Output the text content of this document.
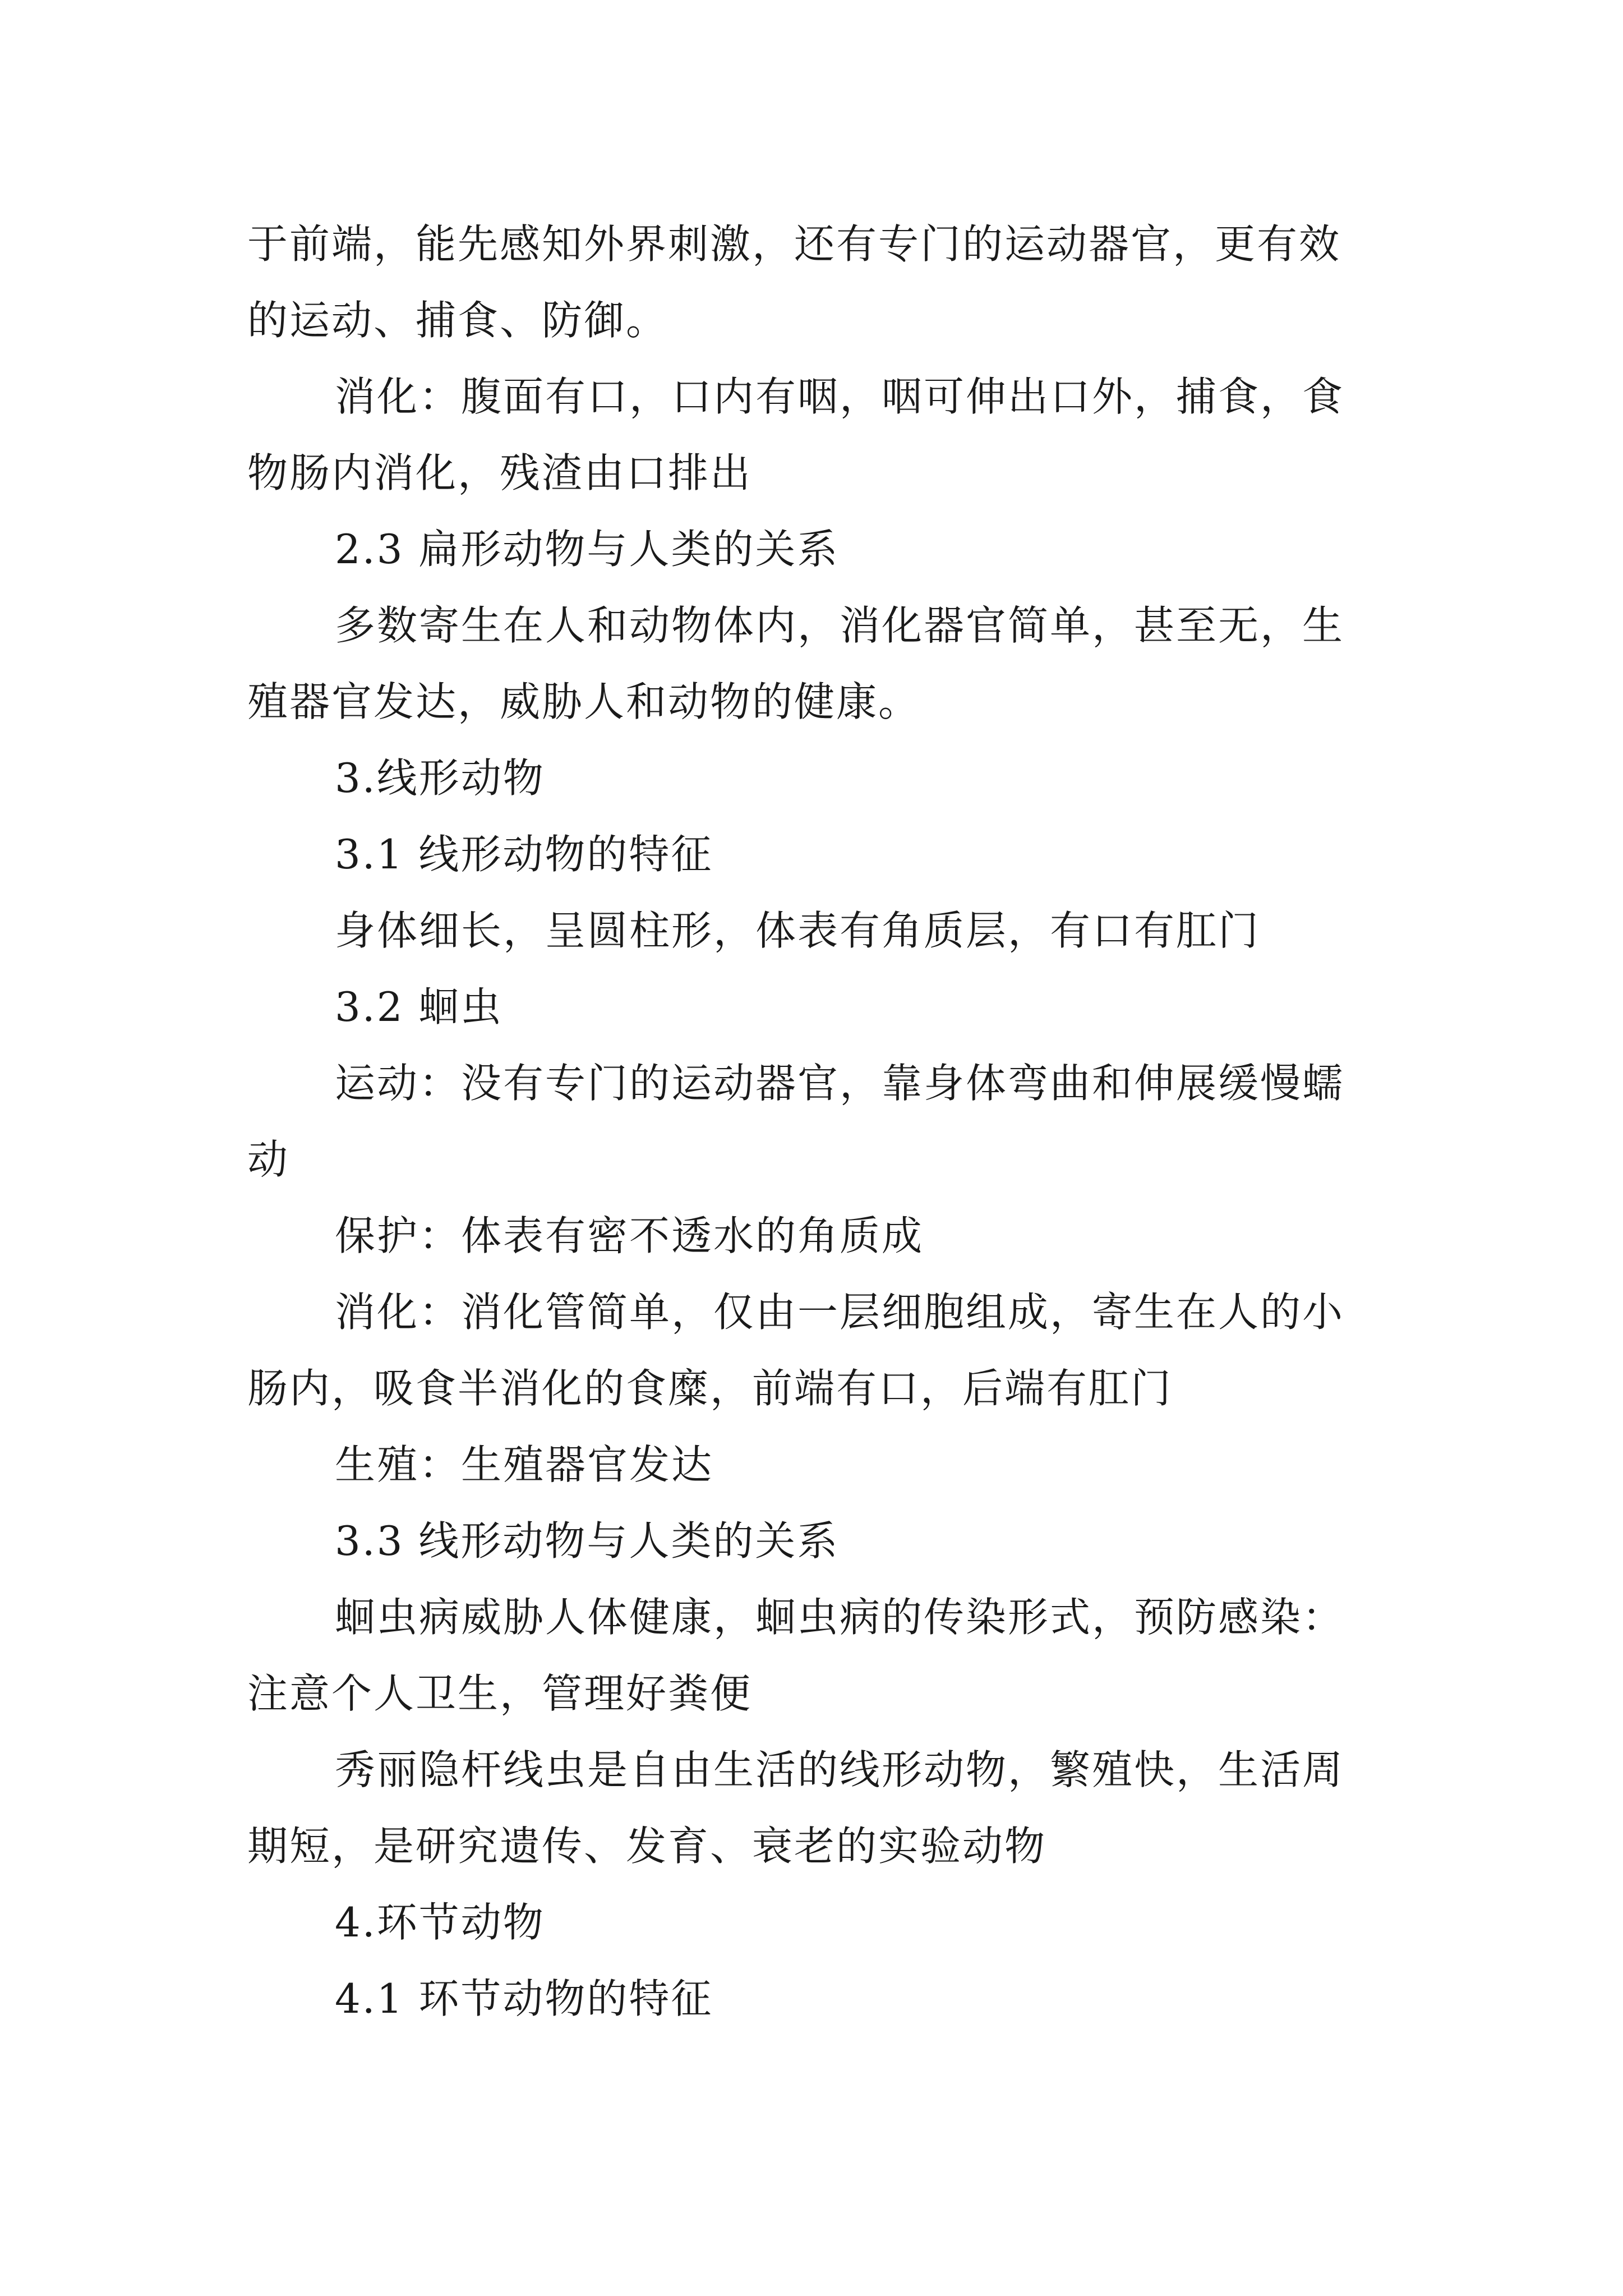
于前端，能先感知外界刺激，还有专门的运动器官，更有效
的运动、捕食、防御。
消化：腹面有口，口内有咽，咽可伸出口外，捕食，食
物肠内消化，残渣由口排出
2.3 扁形动物与人类的关系
多数寄生在人和动物体内，消化器官简单，甚至无，生
殖器官发达，威胁人和动物的健康。
3.线形动物
3.1 线形动物的特征
身体细长，呈圆柱形，体表有角质层，有口有肛门
3.2 蛔虫
运动：没有专门的运动器官，靠身体弯曲和伸展缓慢蠕
动
保护：体表有密不透水的角质成
消化：消化管简单，仅由一层细胞组成，寄生在人的小
肠内，吸食半消化的食糜，前端有口，后端有肛门
生殖：生殖器官发达
3.3 线形动物与人类的关系
蛔虫病威胁人体健康，蛔虫病的传染形式，预防感染：
注意个人卫生，管理好粪便
秀丽隐杆线虫是自由生活的线形动物，繁殖快，生活周
期短，是研究遗传、发育、衰老的实验动物
4.环节动物
4.1 环节动物的特征
